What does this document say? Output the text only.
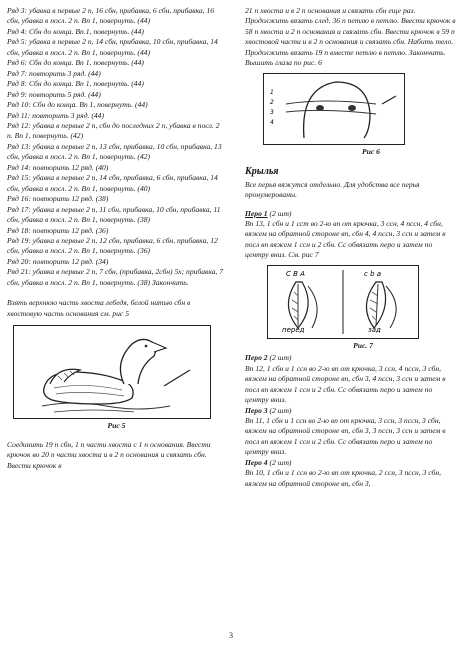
Ряд 3: убавка в первые 2 п, 16 сбн, прибавка, 6 сбн, прибавка, 16 сбн, убавка в посл. 2 п. Вп 1, повернуть. (44)

Ряд 4: Сбн до конца. Вп.1, повернуть. (44)

Ряд 5: убавка в первые 2 п, 14 сбн, прибавка, 10 сбн, прибавка, 14 сбн, убавка в посл. 2 п. Вп 1, повернуть. (44)

Ряд 6: Сбн до конца. Вп 1, повернуть. (44)

Ряд 7: повторить 3 ряд. (44)

Ряд 8: Сбн до конца. Вп 1, повернуть. (44)

Ряд 9: повторить 5 ряд. (44)

Ряд 10: Сбн до конца. Вп 1, повернуть. (44)

Ряд 11: повторить 3 ряд. (44)

Ряд 12: убавка в первые 2 п, сбн до последних 2 п, убавка в посл. 2 п. Вп 1, повернуть. (42)

Ряд 13: убавка в первые 2 п, 13 сбн, прибавка, 10 сбн, прибавка, 13 сбн, убавка в посл. 2 п. Вп 1, повернуть. (42)

Ряд 14: повторить 12 ряд. (40)

Ряд 15: убавка в первые 2 п, 14 сбн, прибавка, 6 сбн, прибавка, 14 сбн, убавка в посл. 2 п. Вп 1, повернуть. (40)

Ряд 16: повторить 12 ряд. (38)

Ряд 17: убавка в первые 2 п, 11 сбн, прибавка, 10 сбн, прибавка, 11 сбн, убавка в посл. 2 п. Вп 1, повернуть. (38)

Ряд 18: повторить 12 ряд. (36)

Ряд 19: убавка в первые 2 п, 12 сбн, прибавка, 6 сбн, прибавка, 12 сбн, убавка в посл. 2 п. Вп 1, повернуть. (36)

Ряд 20: повторить 12 ряд. (34)

Ряд 21: убавка в первые 2 п, 7 сбн, (прибавка, 2сбн) 5х; прибавка, 7 сбн, убавка в посл. 2 п. Вп 1, повернуть. (38) Закончить.

Взять верхнюю часть хвоста лебедя, белой нитью сбн в хвостовую часть основания см. рис 5

Рис 5

Соединить 19 п сбн, 1 п части хвоста с 1 п основания. Ввести крючок во 20 п части хвоста и в 2 п основания и связать сбн. Ввести крючок в

21 п хвоста и в 2 п основания и связать сбн еще раз. Продолжить вязать след. 36 п петлю в петлю. Ввести крючок в 58 п хвоста и 2 п основания и связать сбн. Ввести крючок в 59 п хвостовой части и в 2 п основания и связать сбн. Набить тело. Продолжить вязать 19 п вместе петлю в петлю. Закончить. Вышить глаза по рис. 6

1
2
3
4
Рис 6
Крылья

Все перья вяжутся отдельно. Для удобства все перья пронумерованы.

Перо 1 (2 шт)

Вп 13, 1 сбн и 1 сст во 2-ю вп от крючка, 3 ссн, 4 пссн, 4 сбн, вяжем на обратной стороне вп, сбн 4, 4 пссн, 3 ссн и затем в посл вп вяжем 1 ссн и 2 сбн. Сс обвязать перо и затем по центру вниз. См. рис 7

С В А	с b а
перед	зад
Рис. 7

Перо 2 (2 шт)

Вп 12, 1 сбн и 1 ссн во 2-ю вп от крючка, 3 ссн, 4 пссн, 3 сбн, вяжем на обратной стороне вп, сбн 3, 4 пссн, 3 ссн и затем в посл вп вяжем 1 ссн и 2 сбн. Сс обвязать перо и затем по центру вниз.

Перо 3 (2 шт)

Вп 11, 1 сбн и 1 ссн во 2-ю вп от крючка, 3 ссн, 3 пссн, 3 сбн, вяжем на обратной стороне вп, сбн 3, 3 пссн, 3 ссн и затем в посл вп вяжем 1 ссн и 2 сбн. Сс обвязать перо и затем по центру вниз.

Перо 4 (2 шт)

Вп 10, 1 сбн и 1 ссн во 2-ю вп от крючка, 2 ссн, 3 пссн, 3 сбн, вяжем на обратной стороне вп, сбн 3,

3
